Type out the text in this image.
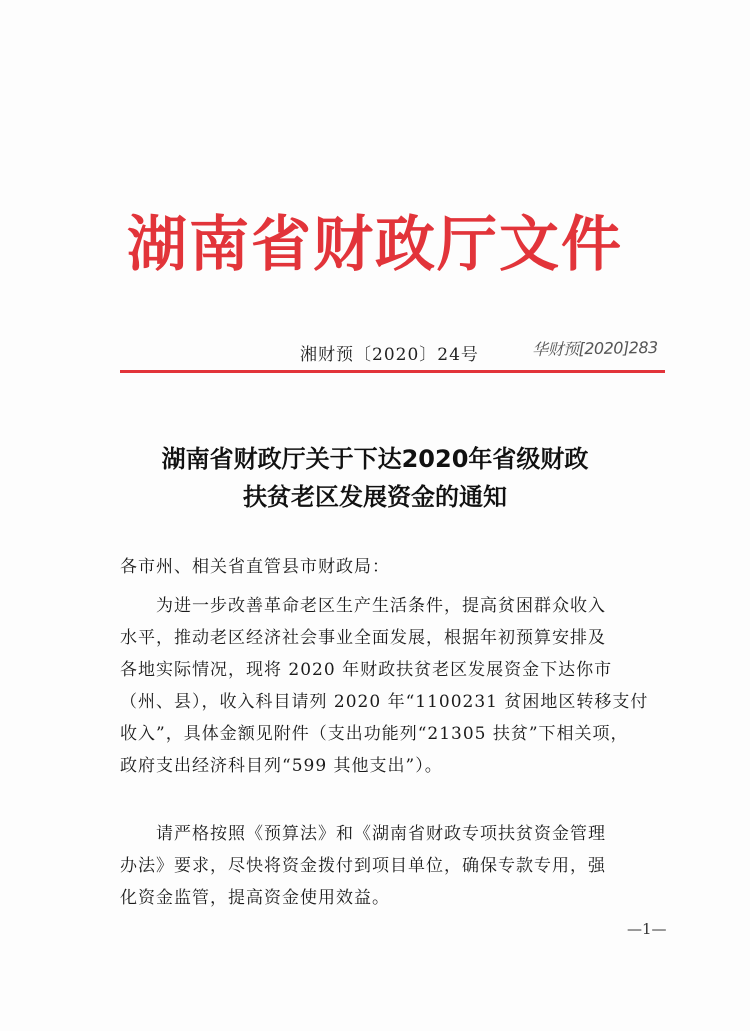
湖南省财政厅文件
湘财预〔2020〕24号	华财预[2020]283
湖南省财政厅关于下达2020年省级财政
扶贫老区发展资金的通知
各市州、相关省直管县市财政局：
为进一步改善革命老区生产生活条件，提高贫困群众收入
水平，推动老区经济社会事业全面发展，根据年初预算安排及
各地实际情况，现将 2020 年财政扶贫老区发展资金下达你市
（州、县），收入科目请列 2020 年“1100231 贫困地区转移支付
收入”，具体金额见附件（支出功能列“21305 扶贫”下相关项，
政府支出经济科目列“599 其他支出”）。
请严格按照《预算法》和《湖南省财政专项扶贫资金管理
办法》要求，尽快将资金拨付到项目单位，确保专款专用，强
化资金监管，提高资金使用效益。
—1—
